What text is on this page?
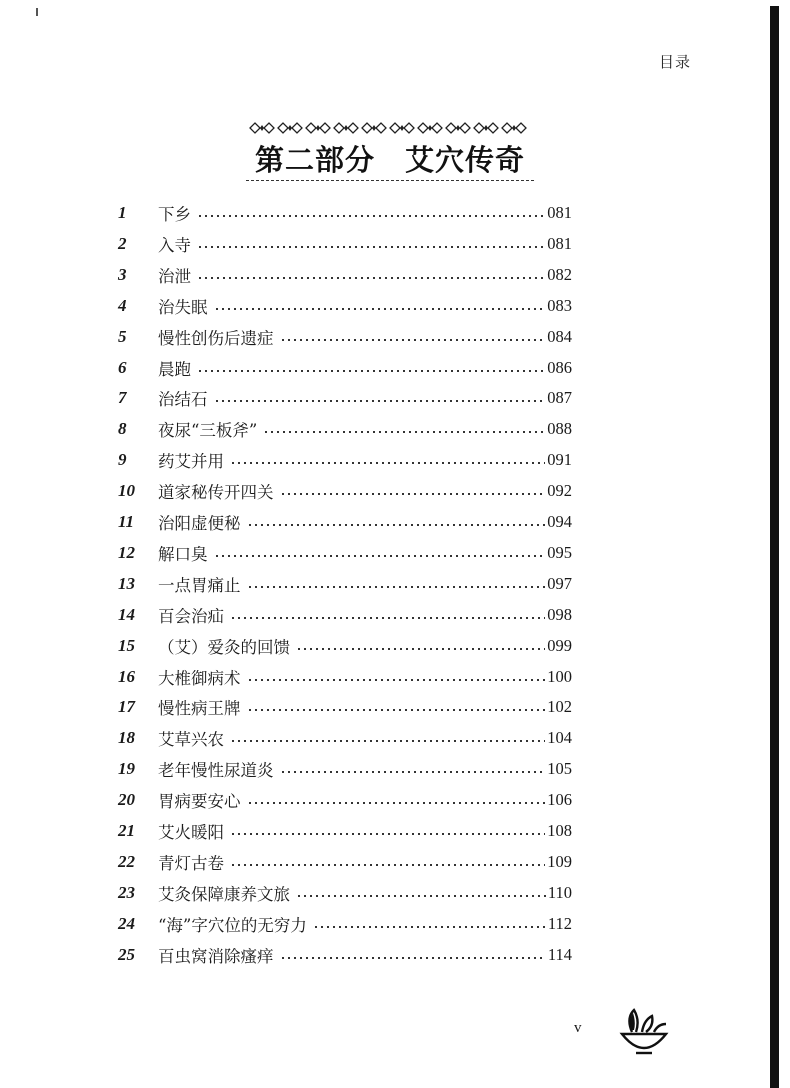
目录
第二部分　艾穴传奇
1	下乡	081
2	入寺	081
3	治泄	082
4	治失眠	083
5	慢性创伤后遗症	084
6	晨跑	086
7	治结石	087
8	夜尿“三板斧”	088
9	药艾并用	091
10	道家秘传开四关	092
11	治阳虚便秘	094
12	解口臭	095
13	一点胃痛止	097
14	百会治疝	098
15	（艾）爱灸的回馈	099
16	大椎御病术	100
17	慢性病王牌	102
18	艾草兴农	104
19	老年慢性尿道炎	105
20	胃病要安心	106
21	艾火暖阳	108
22	青灯古卷	109
23	艾灸保障康养文旅	110
24	“海”字穴位的无穷力	112
25	百虫窝消除瘙痒	114
v
